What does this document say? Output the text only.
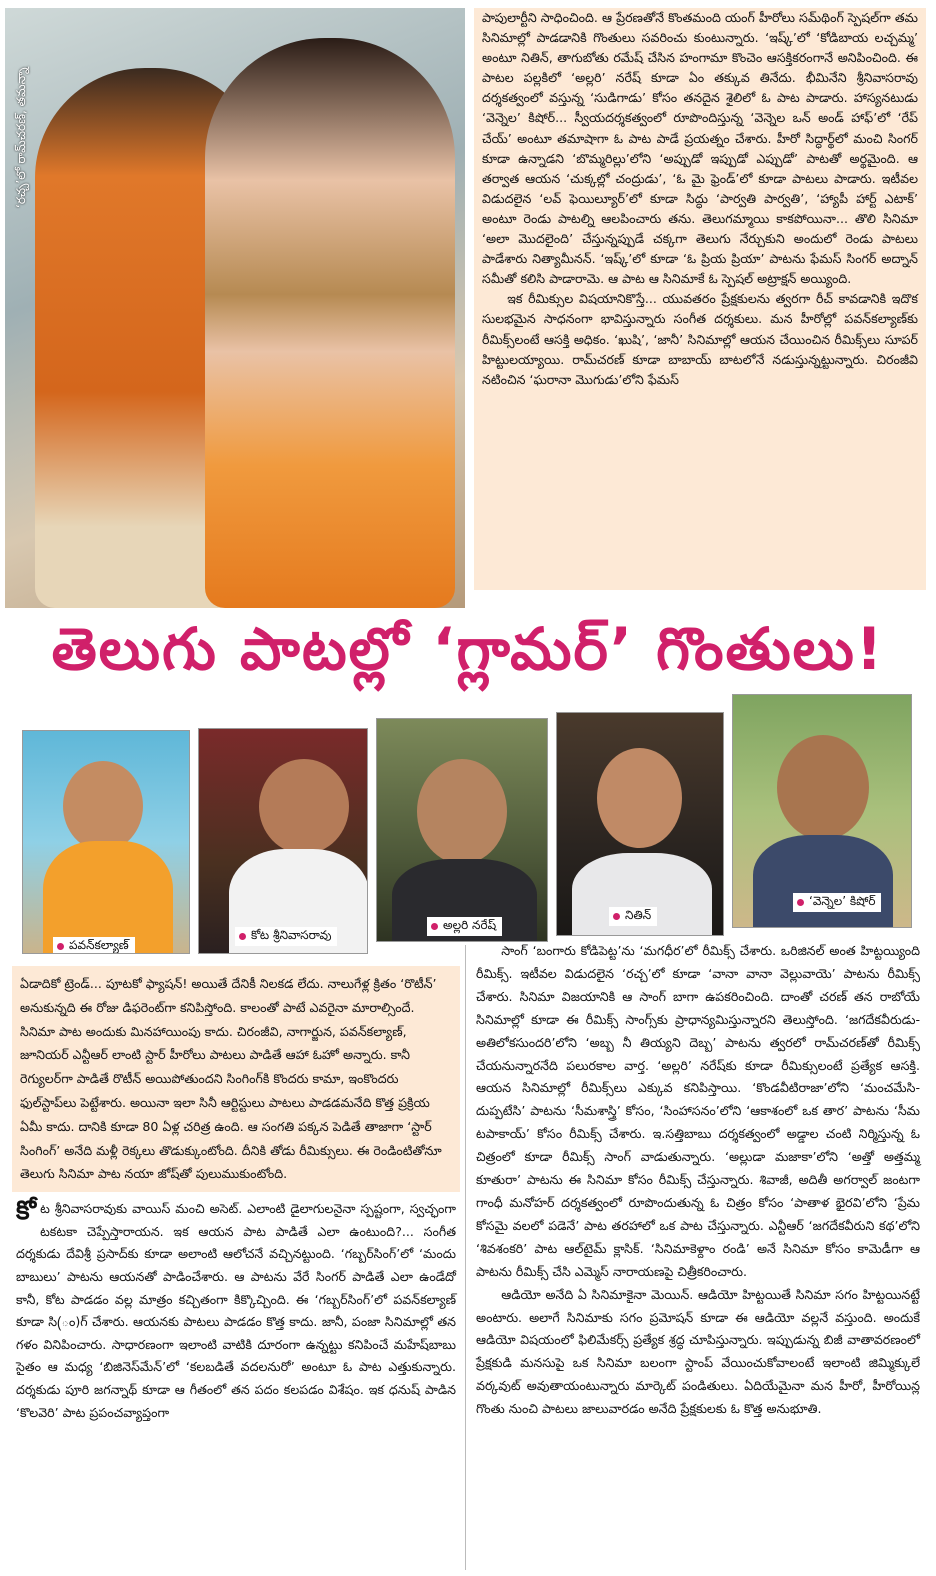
‘రచ్చ’లో రామ్‌చరణ్‌, తమన్నా

పాపులార్టీని సాధించింది. ఆ ప్రేరణతోనే కొంతమంది యంగ్ హీరోలు సమ్‌థింగ్ స్పెషల్‌గా తమ సినిమాల్లో పాడడానికి గొంతులు సవరించు కుంటున్నారు. ‘ఇష్క్’లో ‘కోడిబాయ లచ్చమ్మ’ అంటూ నితిన్‌, తాగుబోతు రమేష్ చేసిన హంగామా కొంచెం ఆసక్తికరంగానే అనిపించింది. ఈ పాటల పల్లకిలో ‘అల్లరి’ నరేష్ కూడా ఏం తక్కువ తినేదు. భీమినేని శ్రీనివాసరావు దర్శకత్వంలో వస్తున్న ‘సుడిగాడు’ కోసం తనదైన శైలిలో ఓ పాట పాడారు. హాస్యనటుడు ‘వెన్నెల’ కిషోర్‌... స్వీయదర్శకత్వంలో రూపొందిస్తున్న ‘వెన్నెల ఒన్ అండ్ హాఫ్’లో ‘రేప్ చేయ్’ అంటూ తమాషాగా ఓ పాట పాడే ప్రయత్నం చేశారు. హీరో సిద్ధార్థ్‌లో మంచి సింగర్ కూడా ఉన్నాడని ‘బొమ్మరిల్లు’లోని ‘అప్పుడో ఇప్పుడో ఎప్పుడో’ పాటతో అర్థమైంది. ఆ తర్వాత ఆయన ‘చుక్కల్లో చంద్రుడు’, ‘ఓ మై ఫ్రెండ్’లో కూడా పాటలు పాడారు. ఇటీవల విడుదలైన ‘లవ్ ఫెయిల్యూర్’లో కూడా సిద్ధు ‘పార్వతి పార్వతి’, ‘హ్యాపీ హార్ట్ ఎటాక్’ అంటూ రెండు పాటల్ని ఆలపించారు తను. తెలుగమ్మాయి కాకపోయినా... తొలి సినిమా ‘అలా మొదలైంది’ చేస్తున్నప్పుడే చక్కగా తెలుగు నేర్చుకుని అందులో రెండు పాటలు పాడేశారు నిత్యామీనన్‌. ‘ఇష్క్’లో కూడా ‘ఓ ప్రియ ప్రియా’ పాటను ఫేమస్ సింగర్ అద్నాన్ సమీతో కలిసి పాడారామె. ఆ పాట ఆ సినిమాకే ఓ స్పెషల్ అట్రాక్షన్ అయ్యింది.

ఇక రీమిక్సుల విషయానికొస్తే... యువతరం ప్రేక్షకులను త్వరగా రీచ్ కావడానికి ఇదొక సులభమైన సాధనంగా భావిస్తున్నారు సంగీత దర్శకులు. మన హీరోల్లో పవన్‌కల్యాణ్‌కు రీమిక్స్‌లంటే ఆసక్తి అధికం. ‘ఖుషి’, ‘జానీ’ సినిమాల్లో ఆయన చేయించిన రీమిక్స్‌లు సూపర్ హిట్టులయ్యాయి. రామ్‌చరణ్ కూడా బాబాయ్ బాటలోనే నడుస్తున్నట్టున్నారు. చిరంజీవి నటించిన ‘ఘరానా మొగుడు’లోని ఫేమస్

తెలుగు పాటల్లో ‘గ్లామర్’ గొంతులు!
పవన్‌కల్యాణ్‌
కోట శ్రీనివాసరావు
అల్లరి నరేష్
నితిన్
‘వెన్నెల’ కిషోర్

ఏడాదికో ట్రెండ్‌... పూటకో ఫ్యాషన్‌! అయితే దేనికీ నిలకడ లేదు. నాలుగేళ్ల క్రితం ‘రొటీన్’ అనుకున్నది ఈ రోజు డిఫరెంట్‌గా కనిపిస్తోంది. కాలంతో పాటే ఎవరైనా మారాల్సిందే. సినిమా పాట అందుకు మినహాయింపు కాదు. చిరంజీవి, నాగార్జున, పవన్‌కల్యాణ్‌, జూనియర్ ఎన్టీఆర్ లాంటి స్టార్ హీరోలు పాటలు పాడితే ఆహా ఓహో అన్నారు. కానీ రెగ్యులర్‌గా పాడితే రొటీన్ అయిపోతుందని సింగింగ్‌కి కొందరు కామా, ఇంకొందరు ఫుల్‌స్టాప్‌లు పెట్టేశారు. అయినా ఇలా సినీ ఆర్టిస్టులు పాటలు పాడడమనేది కొత్త ప్రక్రియ ఏమీ కాదు. దానికి కూడా 80 ఏళ్ల చరిత్ర ఉంది. ఆ సంగతి పక్కన పెడితే తాజాగా ‘స్టార్ సింగింగ్’ అనేది మళ్లీ రెక్కలు తొడుక్కుంటోంది. దీనికి తోడు రీమిక్సులు. ఈ రెండింటితోనూ తెలుగు సినిమా పాట నయా జోష్‌తో పులుముకుంటోంది.

కోట శ్రీనివాసరావుకు వాయిస్ మంచి అసెట్‌. ఎలాంటి డైలాగులనైనా స్పష్టంగా, స్వచ్ఛంగా టకటకా చెప్పేస్తారాయన. ఇక ఆయన పాట పాడితే ఎలా ఉంటుంది?... సంగీత దర్శకుడు దేవిశ్రీ ప్రసాద్‌కు కూడా అలాంటి ఆలోచనే వచ్చినట్టుంది. ‘గబ్బర్‌సింగ్’లో ‘మందు బాబులు’ పాటను ఆయనతో పాడించేశారు. ఆ పాటను వేరే సింగర్ పాడితే ఎలా ఉండేదో కానీ, కోట పాడడం వల్ల మాత్రం కచ్చితంగా కిక్కొచ్చింది. ఈ ‘గబ్బర్‌సింగ్’లో పవన్‌కల్యాణ్ కూడా సి(ం)గ్ చేశారు. ఆయనకు పాటలు పాడడం కొత్త కాదు. జానీ, పంజా సినిమాల్లో తన గళం వినిపించారు. సాధారణంగా ఇలాంటి వాటికి దూరంగా ఉన్నట్టు కనిపించే మహేష్‌బాబు సైతం ఆ మధ్య ‘బిజినెస్‌మేన్’లో ‘కలబడితే వదలనురో’ అంటూ ఓ పాట ఎత్తుకున్నారు. దర్శకుడు పూరి జగన్నాథ్ కూడా ఆ గీతంలో తన పదం కలపడం విశేషం. ఇక ధనుష్ పాడిన ‘కొలవెరి’ పాట ప్రపంచవ్యాప్తంగా

సాంగ్ ‘బంగారు కోడిపెట్ట’ను ‘మగధీర’లో రీమిక్స్ చేశారు. ఒరిజినల్ అంత హిట్టయ్యింది రీమిక్స్‌. ఇటీవల విడుదలైన ‘రచ్చ’లో కూడా ‘వానా వానా వెల్లువాయె’ పాటను రీమిక్స్ చేశారు. సినిమా విజయానికి ఆ సాంగ్ బాగా ఉపకరించింది. దాంతో చరణ్ తన రాబోయే సినిమాల్లో కూడా ఈ రీమిక్స్ సాంగ్స్‌కు ప్రాధాన్యమిస్తున్నారని తెలుస్తోంది. ‘జగదేకవీరుడు-అతిలోకసుందరి’లోని ‘అబ్బ నీ తియ్యని దెబ్బ’ పాటను త్వరలో రామ్‌చరణ్‌తో రీమిక్స్ చేయనున్నారనేది పలురకాల వార్త. ‘అల్లరి’ నరేష్‌కు కూడా రీమిక్సులంటే ప్రత్యేక ఆసక్తి. ఆయన సినిమాల్లో రీమిక్స్‌లు ఎక్కువ కనిపిస్తాయి. ‘కొండవీటిరాజా’లోని ‘మంచమేసి-దుప్పటేసి’ పాటను ‘సీమశాస్త్రి’ కోసం, ‘సింహాసనం’లోని ‘ఆకాశంలో ఒక తార’ పాటను ‘సీమ టపాకాయ్’ కోసం రీమిక్స్ చేశారు. ఇ.సత్తిబాబు దర్శకత్వంలో అడ్డాల చంటి నిర్మిస్తున్న ఓ చిత్రంలో కూడా రీమిక్స్ సాంగ్ వాడుతున్నారు. ‘అల్లుడా మజాకా’లోని ‘అత్తో అత్తమ్మ కూతురా’ పాటను ఈ సినిమా కోసం రీమిక్స్ చేస్తున్నారు. శివాజీ, అదితీ అగర్వాల్ జంటగా గాంధీ మనోహర్ దర్శకత్వంలో రూపొందుతున్న ఓ చిత్రం కోసం ‘పాతాళ భైరవి’లోని ‘ప్రేమ కోసమై వలలో పడెనే’ పాట తరహాలో ఒక పాట చేస్తున్నారు. ఎన్టీఆర్ ‘జగదేకవీరుని కథ’లోని ‘శివశంకరి’ పాట ఆల్‌టైమ్ క్లాసిక్‌. ‘సినిమాకెళ్దాం రండి’ అనే సినిమా కోసం కామెడీగా ఆ పాటను రీమిక్స్ చేసి ఎమ్మెస్ నారాయణపై చిత్రీకరించారు.

ఆడియో అనేది ఏ సినిమాకైనా మెయిన్‌. ఆడియో హిట్టయితే సినిమా సగం హిట్టయినట్టే అంటారు. అలాగే సినిమాకు సగం ప్రమోషన్ కూడా ఈ ఆడియో వల్లనే వస్తుంది. అందుకే ఆడియో విషయంలో ఫిలిమేకర్స్ ప్రత్యేక శ్రద్ధ చూపిస్తున్నారు. ఇప్పుడున్న బిజీ వాతావరణంలో ప్రేక్షకుడి మనసుపై ఒక సినిమా బలంగా స్టాంప్ వేయించుకోవాలంటే ఇలాంటి జిమ్మిక్కులే వర్కవుట్ అవుతాయంటున్నారు మార్కెట్ పండితులు. ఏదియేమైనా మన హీరో, హీరోయిన్ల గొంతు నుంచి పాటలు జాలువారడం అనేది ప్రేక్షకులకు ఓ కొత్త అనుభూతి.
